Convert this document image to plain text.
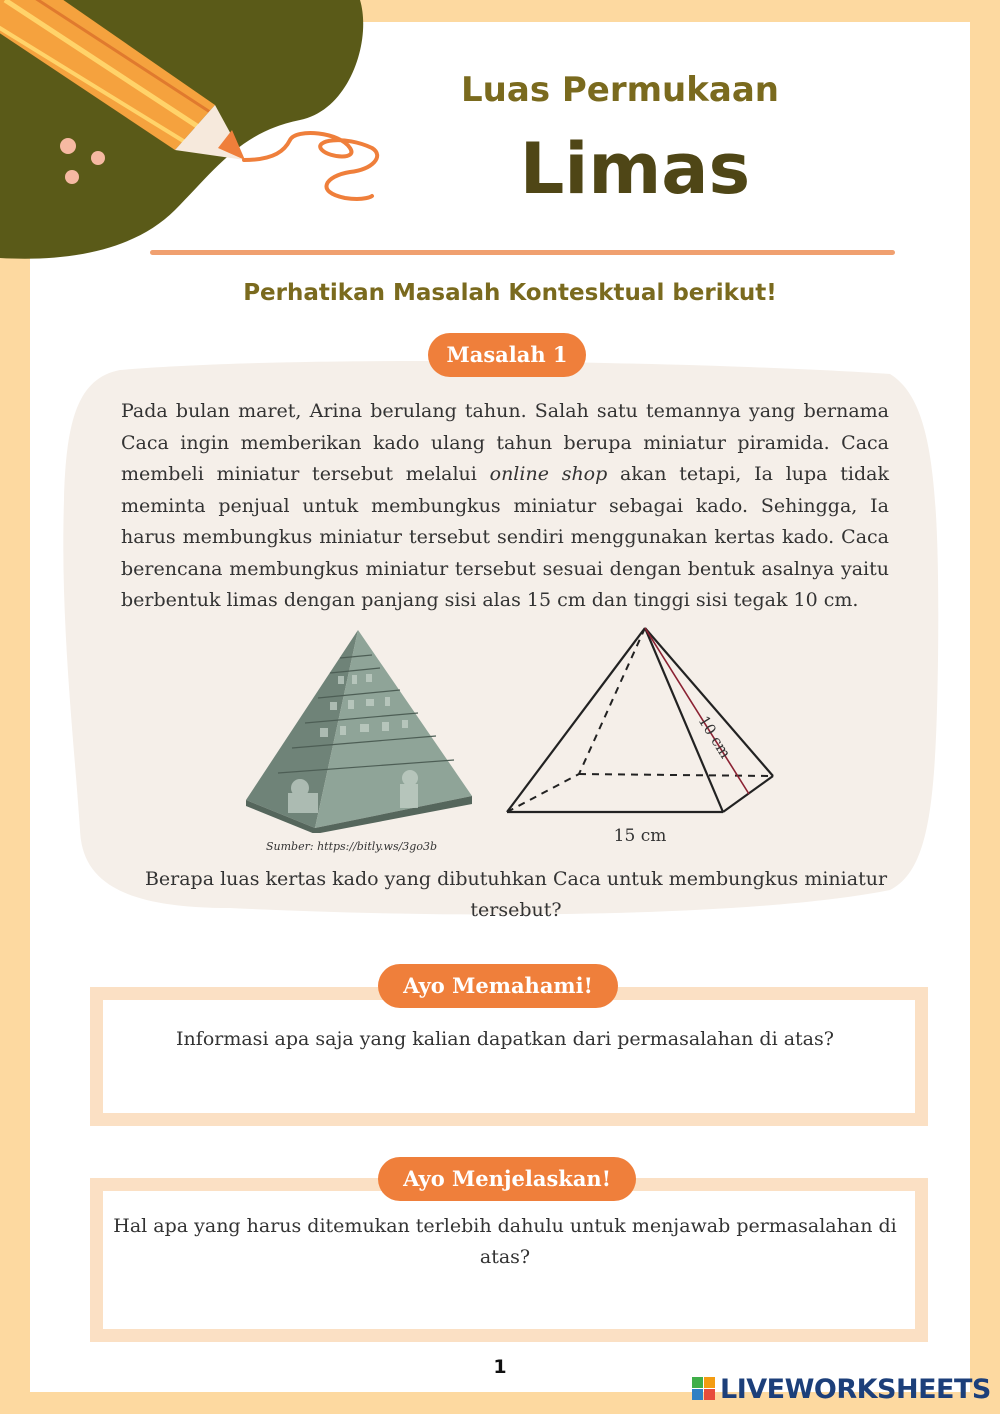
Luas Permukaan
Limas
Perhatikan Masalah Kontesktual berikut!
Masalah 1
Pada bulan maret, Arina berulang tahun. Salah satu temannya yang bernama Caca ingin memberikan kado ulang tahun berupa miniatur piramida. Caca membeli miniatur tersebut melalui online shop akan tetapi, Ia lupa tidak meminta penjual untuk membungkus miniatur sebagai kado. Sehingga, Ia harus membungkus miniatur tersebut sendiri menggunakan kertas kado. Caca berencana membungkus miniatur tersebut sesuai dengan bentuk asalnya yaitu berbentuk limas dengan panjang sisi alas 15 cm dan tinggi sisi tegak 10 cm.
Sumber: https://bitly.ws/3go3b
10 cm
15 cm
Berapa luas kertas kado yang dibutuhkan Caca untuk membungkus miniatur tersebut?
Ayo Memahami!
Informasi apa saja yang kalian dapatkan dari permasalahan di atas?
Ayo Menjelaskan!
Hal apa yang harus ditemukan terlebih dahulu untuk menjawab permasalahan di atas?
1
LIVEWORKSHEETS
